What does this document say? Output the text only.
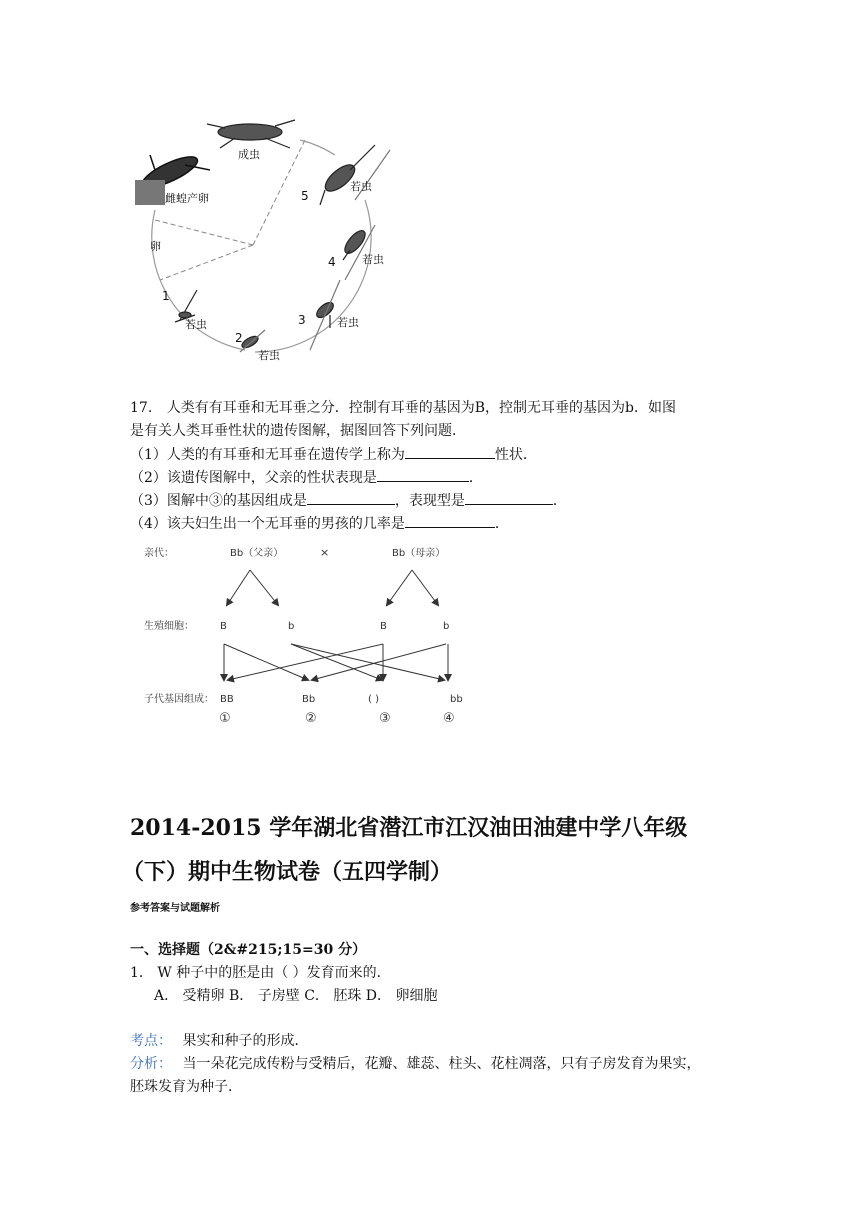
成虫
雌蝗产卵
卵
若虫
若虫
若虫
若虫
若虫
1
2
3
4
5
17. 人类有有耳垂和无耳垂之分．控制有耳垂的基因为B，控制无耳垂的基因为b．如图
是有关人类耳垂性状的遗传图解，据图回答下列问题．
（1）人类的有耳垂和无耳垂在遗传学上称为	性状．
（2）该遗传图解中，父亲的性状表现是	．
（3）图解中③的基因组成是	，表现型是	．
（4）该夫妇生出一个无耳垂的男孩的几率是	．
亲代：	Bb（父亲）	×	Bb（母亲）
生殖细胞：	B	b	B	b
子代基因组成： BB	Bb	( )	bb
①	②	③	④
2014-2015 学年湖北省潜江市江汉油田油建中学八年级
（下）期中生物试卷（五四学制）
参考答案与试题解析
一、选择题（2&#215;15=30 分）
1． W 种子中的胚是由（ ）发育而来的．
A． 受精卵 B． 子房壁 C． 胚珠 D． 卵细胞
考点： 果实和种子的形成．
分析： 当一朵花完成传粉与受精后，花瓣、雄蕊、柱头、花柱凋落，只有子房发育为果实，
胚珠发育为种子．
